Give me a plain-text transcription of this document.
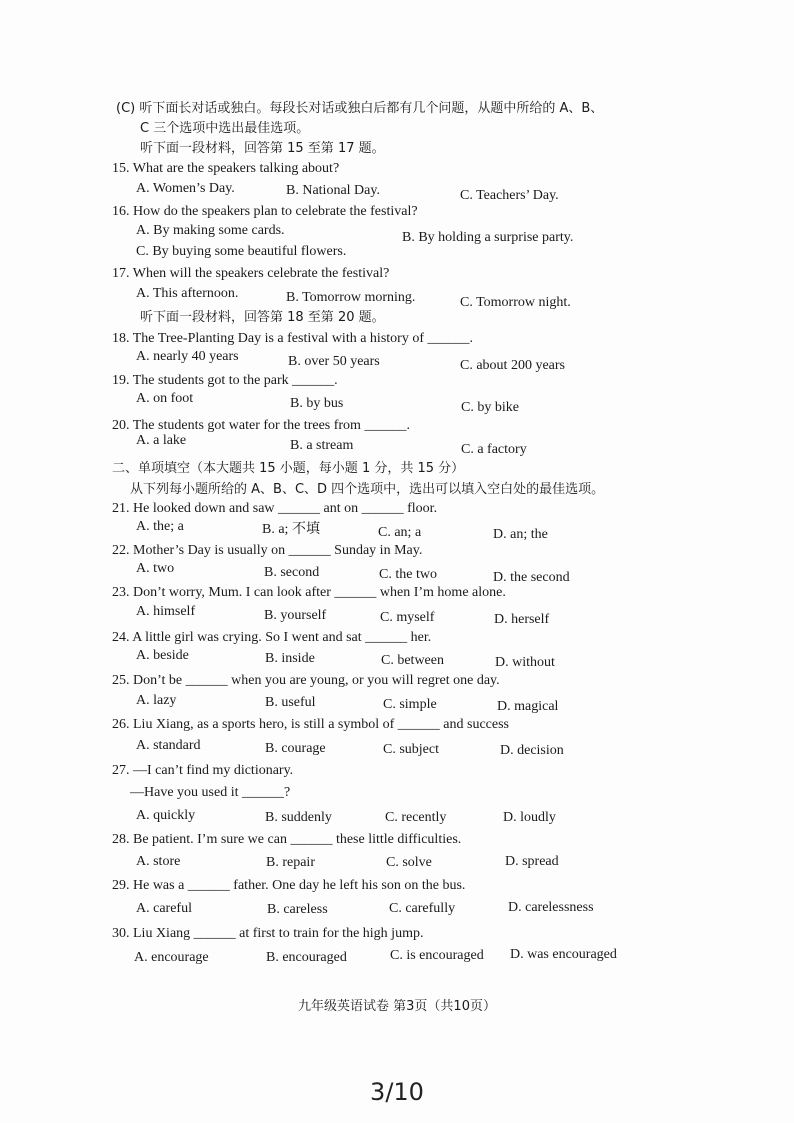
(C) 听下面长对话或独白。每段长对话或独白后都有几个问题，从题中所给的 A、B、
C 三个选项中选出最佳选项。
听下面一段材料，回答第 15 至第 17 题。
15. What are the speakers talking about?
A. Women’s Day.	B. National Day.	C. Teachers’ Day.
16. How do the speakers plan to celebrate the festival?
A. By making some cards.	B. By holding a surprise party.
C. By buying some beautiful flowers.
17. When will the speakers celebrate the festival?
A. This afternoon.	B. Tomorrow morning.	C. Tomorrow night.
听下面一段材料，回答第 18 至第 20 题。
18. The Tree-Planting Day is a festival with a history of ______.
A. nearly 40 years	B. over 50 years	C. about 200 years
19. The students got to the park ______.
A. on foot	B. by bus	C. by bike
20. The students got water for the trees from ______.
A. a lake	B. a stream	C. a factory
二、单项填空（本大题共 15 小题，每小题 1 分，共 15 分）
从下列每小题所给的 A、B、C、D 四个选项中，选出可以填入空白处的最佳选项。
21. He looked down and saw ______ ant on ______ floor.
A. the; a	B. a; 不填	C. an; a	D. an; the
22. Mother’s Day is usually on ______ Sunday in May.
A. two	B. second	C. the two	D. the second
23. Don’t worry, Mum. I can look after ______ when I’m home alone.
A. himself	B. yourself	C. myself	D. herself
24. A little girl was crying. So I went and sat ______ her.
A. beside	B. inside	C. between	D. without
25. Don’t be ______ when you are young, or you will regret one day.
A. lazy	B. useful	C. simple	D. magical
26. Liu Xiang, as a sports hero, is still a symbol of ______ and success
A. standard	B. courage	C. subject	D. decision
27. —I can’t find my dictionary.
—Have you used it ______?
A. quickly	B. suddenly	C. recently	D. loudly
28. Be patient. I’m sure we can ______ these little difficulties.
A. store	B. repair	C. solve	D. spread
29. He was a ______ father. One day he left his son on the bus.
A. careful	B. careless	C. carefully	D. carelessness
30. Liu Xiang ______ at first to train for the high jump.
A. encourage	B. encouraged	C. is encouraged D. was encouraged
九年级英语试卷 第3页（共10页）
3/10
